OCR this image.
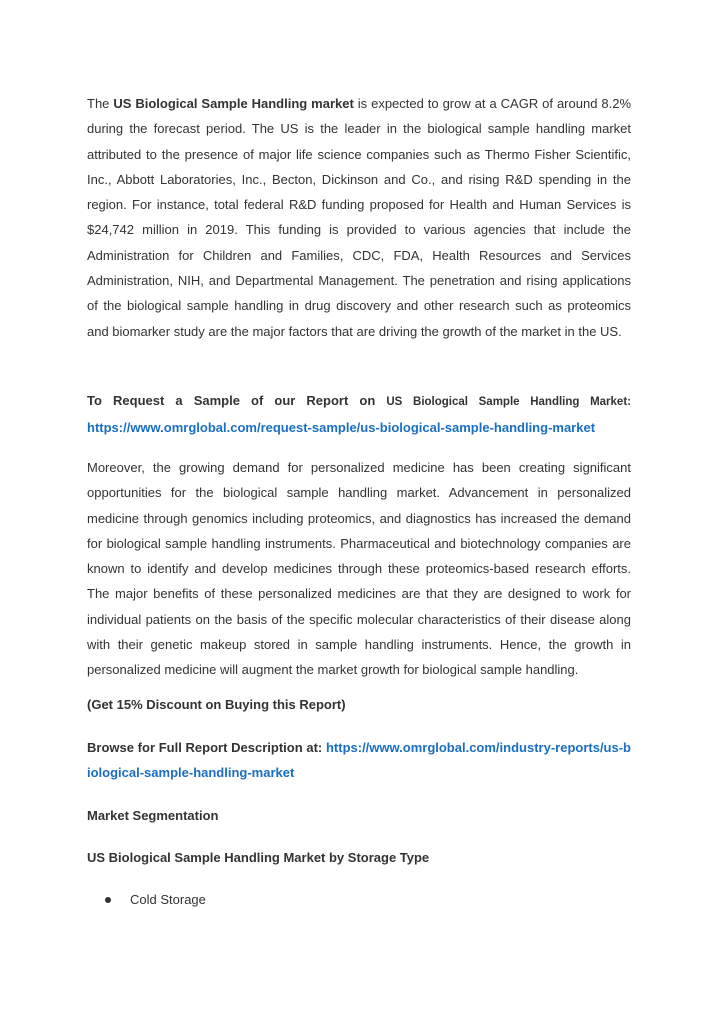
The US Biological Sample Handling market is expected to grow at a CAGR of around 8.2% during the forecast period. The US is the leader in the biological sample handling market attributed to the presence of major life science companies such as Thermo Fisher Scientific, Inc., Abbott Laboratories, Inc., Becton, Dickinson and Co., and rising R&D spending in the region. For instance, total federal R&D funding proposed for Health and Human Services is $24,742 million in 2019. This funding is provided to various agencies that include the Administration for Children and Families, CDC, FDA, Health Resources and Services Administration, NIH, and Departmental Management. The penetration and rising applications of the biological sample handling in drug discovery and other research such as proteomics and biomarker study are the major factors that are driving the growth of the market in the US.
To Request a Sample of our Report on US Biological Sample Handling Market:
https://www.omrglobal.com/request-sample/us-biological-sample-handling-market
Moreover, the growing demand for personalized medicine has been creating significant opportunities for the biological sample handling market. Advancement in personalized medicine through genomics including proteomics, and diagnostics has increased the demand for biological sample handling instruments. Pharmaceutical and biotechnology companies are known to identify and develop medicines through these proteomics-based research efforts. The major benefits of these personalized medicines are that they are designed to work for individual patients on the basis of the specific molecular characteristics of their disease along with their genetic makeup stored in sample handling instruments. Hence, the growth in personalized medicine will augment the market growth for biological sample handling.
(Get 15% Discount on Buying this Report)
Browse for Full Report Description at: https://www.omrglobal.com/industry-reports/us-biological-sample-handling-market
Market Segmentation
US Biological Sample Handling Market by Storage Type
Cold Storage
